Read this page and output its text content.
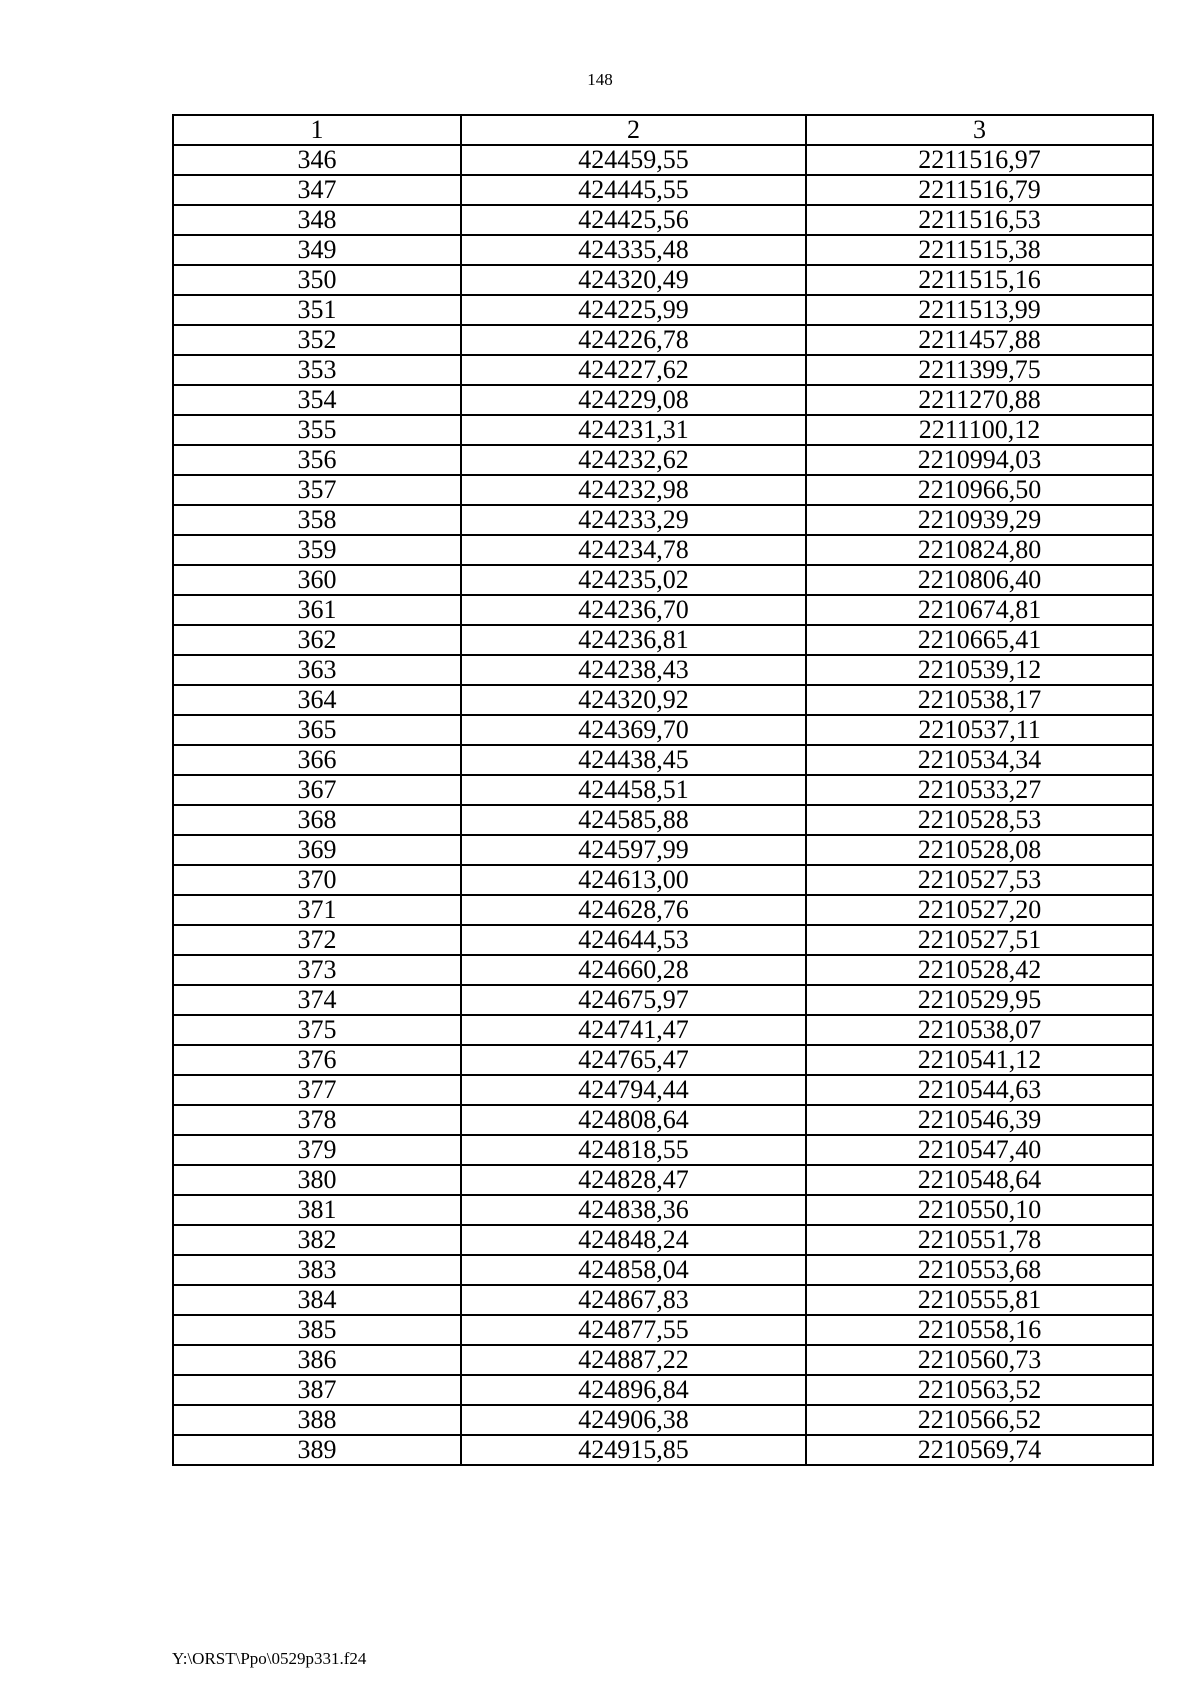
148
1	2	3
346	424459,55	2211516,97
347	424445,55	2211516,79
348	424425,56	2211516,53
349	424335,48	2211515,38
350	424320,49	2211515,16
351	424225,99	2211513,99
352	424226,78	2211457,88
353	424227,62	2211399,75
354	424229,08	2211270,88
355	424231,31	2211100,12
356	424232,62	2210994,03
357	424232,98	2210966,50
358	424233,29	2210939,29
359	424234,78	2210824,80
360	424235,02	2210806,40
361	424236,70	2210674,81
362	424236,81	2210665,41
363	424238,43	2210539,12
364	424320,92	2210538,17
365	424369,70	2210537,11
366	424438,45	2210534,34
367	424458,51	2210533,27
368	424585,88	2210528,53
369	424597,99	2210528,08
370	424613,00	2210527,53
371	424628,76	2210527,20
372	424644,53	2210527,51
373	424660,28	2210528,42
374	424675,97	2210529,95
375	424741,47	2210538,07
376	424765,47	2210541,12
377	424794,44	2210544,63
378	424808,64	2210546,39
379	424818,55	2210547,40
380	424828,47	2210548,64
381	424838,36	2210550,10
382	424848,24	2210551,78
383	424858,04	2210553,68
384	424867,83	2210555,81
385	424877,55	2210558,16
386	424887,22	2210560,73
387	424896,84	2210563,52
388	424906,38	2210566,52
389	424915,85	2210569,74
Y:\ORST\Ppo\0529p331.f24
